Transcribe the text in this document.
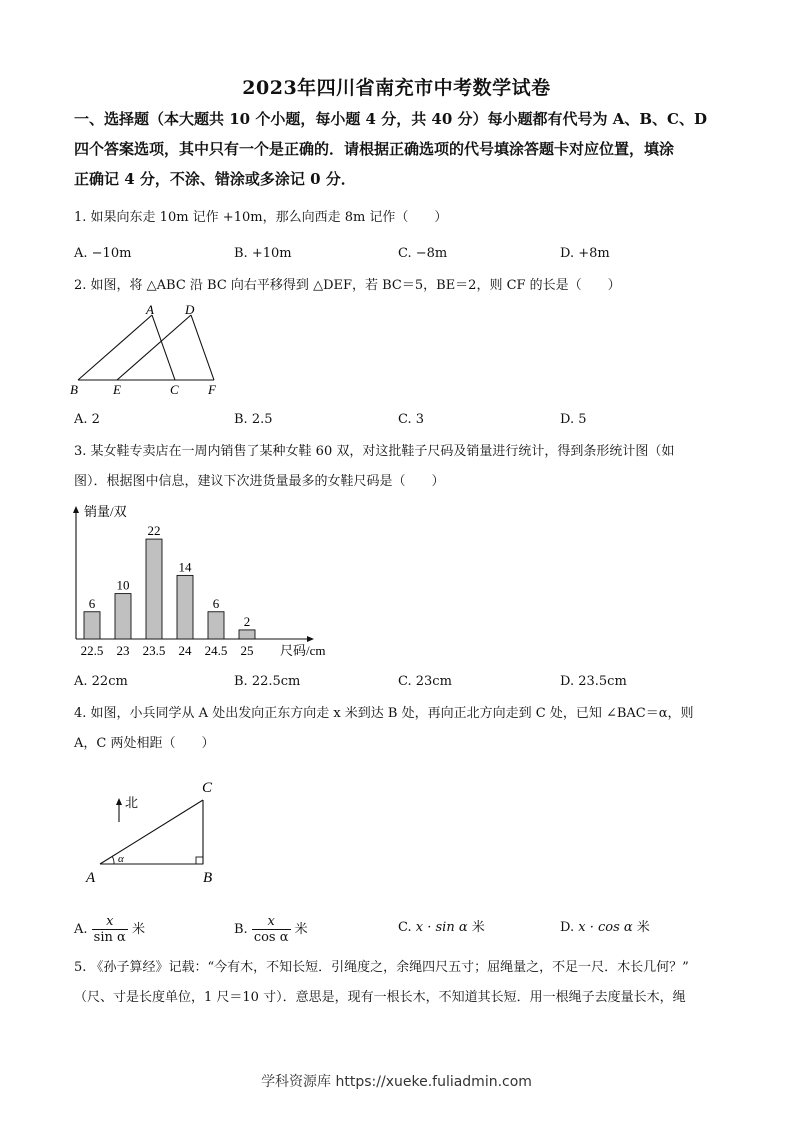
2023年四川省南充市中考数学试卷
一、选择题（本大题共 10 个小题，每小题 4 分，共 40 分）每小题都有代号为 A、B、C、D
四个答案选项，其中只有一个是正确的．请根据正确选项的代号填涂答题卡对应位置，填涂
正确记 4 分，不涂、错涂或多涂记 0 分．
1. 如果向东走 10m 记作 +10m，那么向西走 8m 记作（　　）
A. −10m	B. +10m	C. −8m	D. +8m
2. 如图，将 △ABC 沿 BC 向右平移得到 △DEF，若 BC＝5，BE＝2，则 CF 的长是（　　）
A D
B	E	C F
A. 2	B. 2.5	C. 3	D. 5
3. 某女鞋专卖店在一周内销售了某种女鞋 60 双，对这批鞋子尺码及销量进行统计，得到条形统计图（如
图）．根据图中信息，建议下次进货量最多的女鞋尺码是（　　）
销量/双
尺码/cm
6
22.5
10
23
22
23.5
14
24
6
24.5
2
25
A. 22cm	B. 22.5cm	C. 23cm	D. 23.5cm
4. 如图，小兵同学从 A 处出发向正东方向走 x 米到达 B 处，再向正北方向走到 C 处，已知 ∠BAC＝α，则
A，C 两处相距（　　）
北
C
α
A	B
A. $\frac{x}{\text{sin α}}$ 米	B. $\frac{x}{\text{cos α}}$ 米	C. x · sin α 米	D. x · cos α 米
5. 《孙子算经》记载：“今有木，不知长短．引绳度之，余绳四尺五寸；屈绳量之，不足一尺．木长几何？”
（尺、寸是长度单位，1 尺＝10 寸）．意思是，现有一根长木，不知道其长短．用一根绳子去度量长木，绳
学科资源库 https://xueke.fuliadmin.com
